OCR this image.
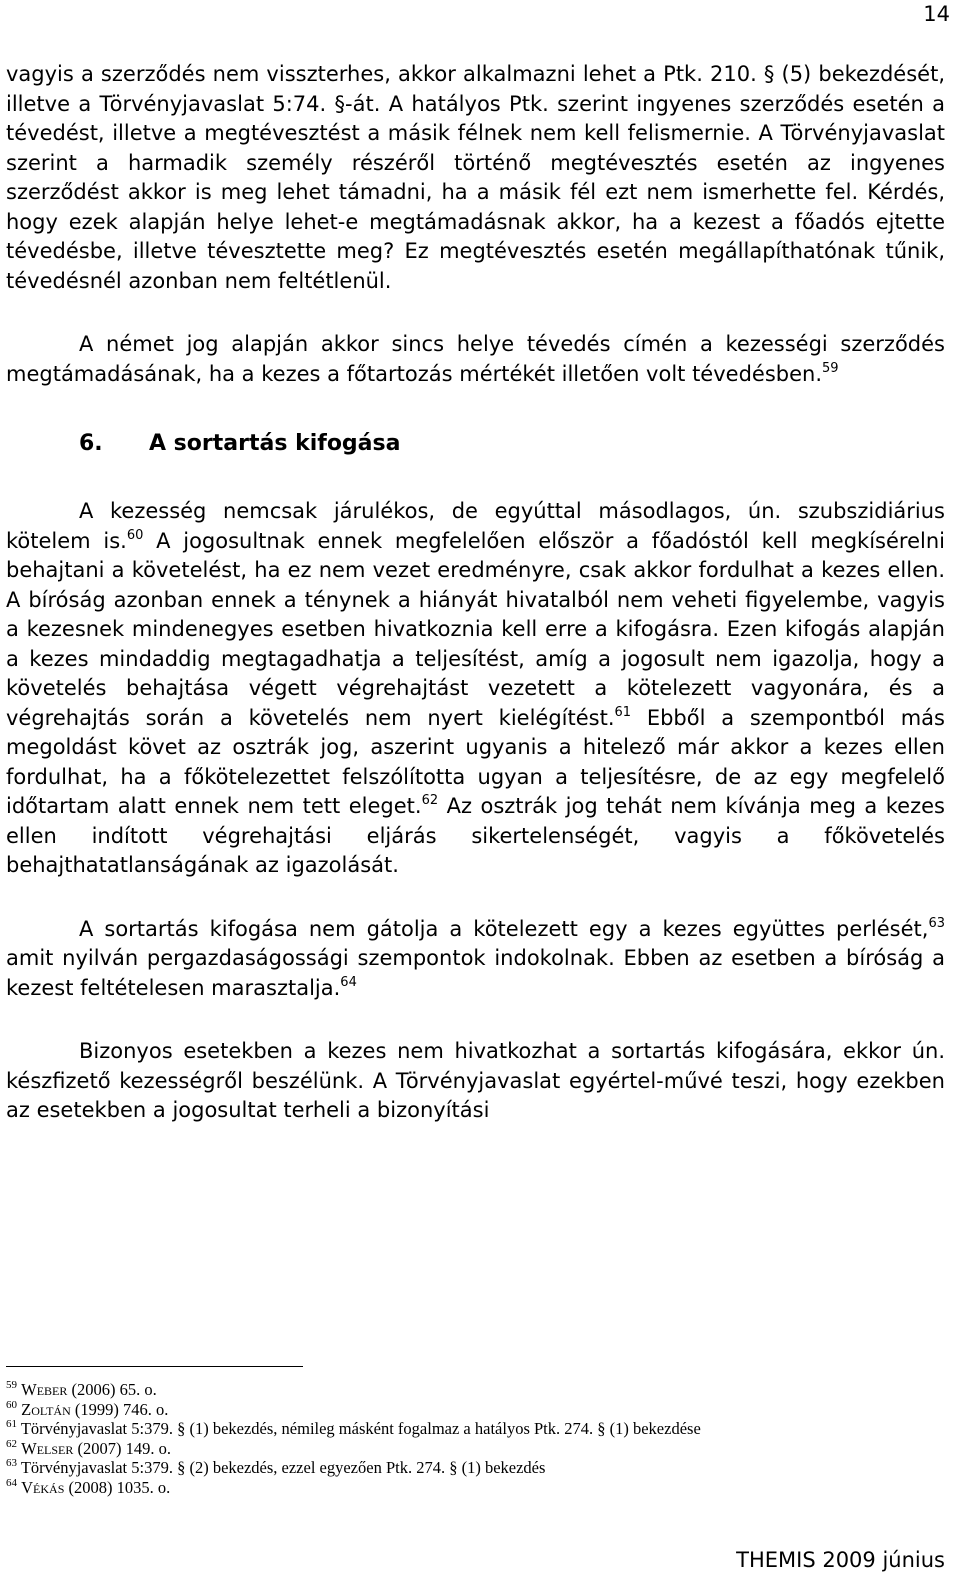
14

vagyis a szerződés nem visszterhes, akkor alkalmazni lehet a Ptk. 210. § (5) bekezdését, illetve a Törvényjavaslat 5:74. §-át. A hatályos Ptk. szerint ingyenes szerződés esetén a tévedést, illetve a megtévesztést a másik félnek nem kell felismernie. A Törvényjavaslat szerint a harmadik személy részéről történő megtévesztés esetén az ingyenes szerződést akkor is meg lehet támadni, ha a másik fél ezt nem ismerhette fel. Kérdés, hogy ezek alapján helye lehet-e megtámadásnak akkor, ha a kezest a főadós ejtette tévedésbe, illetve tévesztette meg? Ez megtévesztés esetén megállapíthatónak tűnik, tévedésnél azonban nem feltétlenül.

A német jog alapján akkor sincs helye tévedés címén a kezességi szerződés megtámadásának, ha a kezes a főtartozás mértékét illetően volt tévedésben.$^{59}$

6. A sortartás kifogása

A kezesség nemcsak járulékos, de egyúttal másodlagos, ún. szubszidiárius kötelem is.$^{60}$ A jogosultnak ennek megfelelően először a főadóstól kell megkísérelni behajtani a követelést, ha ez nem vezet eredményre, csak akkor fordulhat a kezes ellen. A bíróság azonban ennek a ténynek a hiányát hivatalból nem veheti figyelembe, vagyis a kezesnek mindenegyes esetben hivatkoznia kell erre a kifogásra. Ezen kifogás alapján a kezes mindaddig megtagadhatja a teljesítést, amíg a jogosult nem igazolja, hogy a követelés behajtása végett végrehajtást vezetett a kötelezett vagyonára, és a végrehajtás során a követelés nem nyert kielégítést.$^{61}$ Ebből a szempontból más megoldást követ az osztrák jog, aszerint ugyanis a hitelező már akkor a kezes ellen fordulhat, ha a főkötelezettet felszólította ugyan a teljesítésre, de az egy megfelelő időtartam alatt ennek nem tett eleget.$^{62}$ Az osztrák jog tehát nem kívánja meg a kezes ellen indított végrehajtási eljárás sikertelenségét, vagyis a főkövetelés behajthatatlanságának az igazolását.

A sortartás kifogása nem gátolja a kötelezett egy a kezes együttes perlését,$^{63}$ amit nyilván pergazdaságossági szempontok indokolnak. Ebben az esetben a bíróság a kezest feltételesen marasztalja.$^{64}$

Bizonyos esetekben a kezes nem hivatkozhat a sortartás kifogására, ekkor ún. készfizető kezességről beszélünk. A Törvényjavaslat egyértel-művé teszi, hogy ezekben az esetekben a jogosultat terheli a bizonyítási

$^{59}$ Weber (2006) 65. o.

$^{60}$ Zoltán (1999) 746. o.

$^{61}$ Törvényjavaslat 5:379. § (1) bekezdés, némileg másként fogalmaz a hatályos Ptk. 274. § (1) bekezdése

$^{62}$ Welser (2007) 149. o.

$^{63}$ Törvényjavaslat 5:379. § (2) bekezdés, ezzel egyezően Ptk. 274. § (1) bekezdés

$^{64}$ Vékás (2008) 1035. o.

THEMIS 2009 június
